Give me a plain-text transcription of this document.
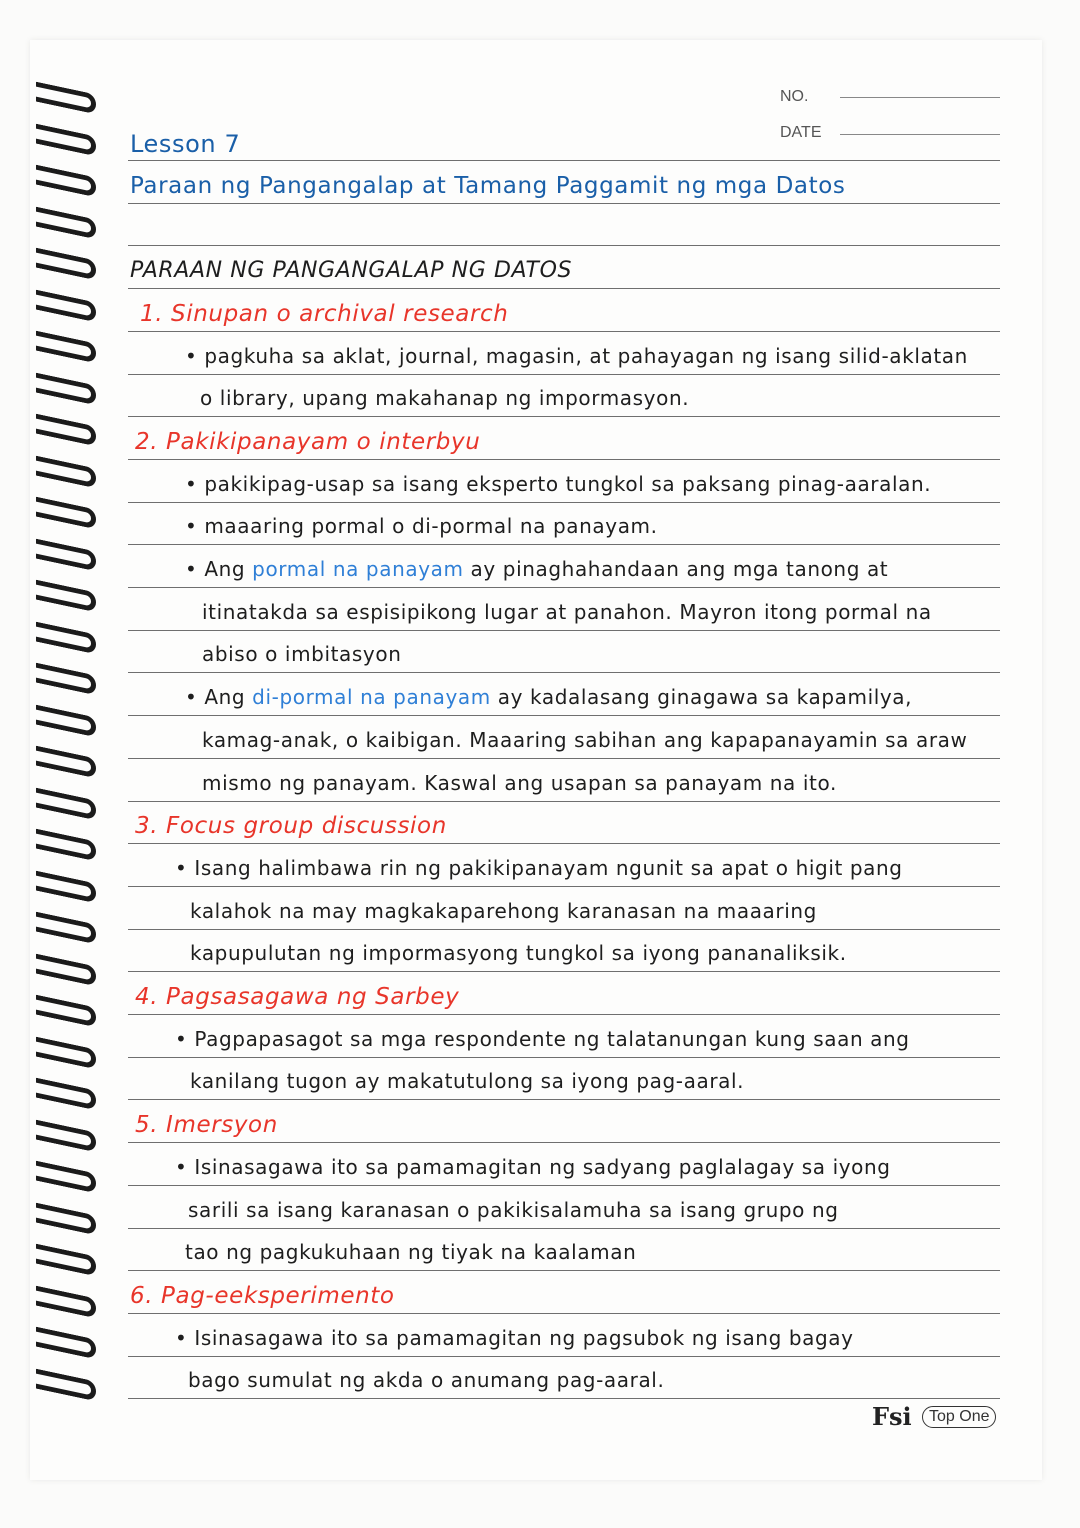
NO.
DATE
Lesson 7
Paraan ng Pangangalap at Tamang Paggamit ng mga Datos
PARAAN NG PANGANGALAP NG DATOS
1. Sinupan o archival research
• pagkuha sa aklat, journal, magasin, at pahayagan ng isang silid-aklatan
o library, upang makahanap ng impormasyon.
2. Pakikipanayam o interbyu
• pakikipag-usap sa isang eksperto tungkol sa paksang pinag-aaralan.
• maaaring pormal o di-pormal na panayam.
• Ang pormal na panayam ay pinaghahandaan ang mga tanong at
itinatakda sa espisipikong lugar at panahon. Mayron itong pormal na
abiso o imbitasyon
• Ang di-pormal na panayam ay kadalasang ginagawa sa kapamilya,
kamag-anak, o kaibigan. Maaaring sabihan ang kapapanayamin sa araw
mismo ng panayam. Kaswal ang usapan sa panayam na ito.
3. Focus group discussion
• Isang halimbawa rin ng pakikipanayam ngunit sa apat o higit pang
kalahok na may magkakaparehong karanasan na maaaring
kapupulutan ng impormasyong tungkol sa iyong pananaliksik.
4. Pagsasagawa ng Sarbey
• Pagpapasagot sa mga respondente ng talatanungan kung saan ang
kanilang tugon ay makatutulong sa iyong pag-aaral.
5. Imersyon
• Isinasagawa ito sa pamamagitan ng sadyang paglalagay sa iyong
sarili sa isang karanasan o pakikisalamuha sa isang grupo ng
tao ng pagkukuhaan ng tiyak na kaalaman
6. Pag-eeksperimento
• Isinasagawa ito sa pamamagitan ng pagsubok ng isang bagay
bago sumulat ng akda o anumang pag-aaral.
Fsi	Top One
